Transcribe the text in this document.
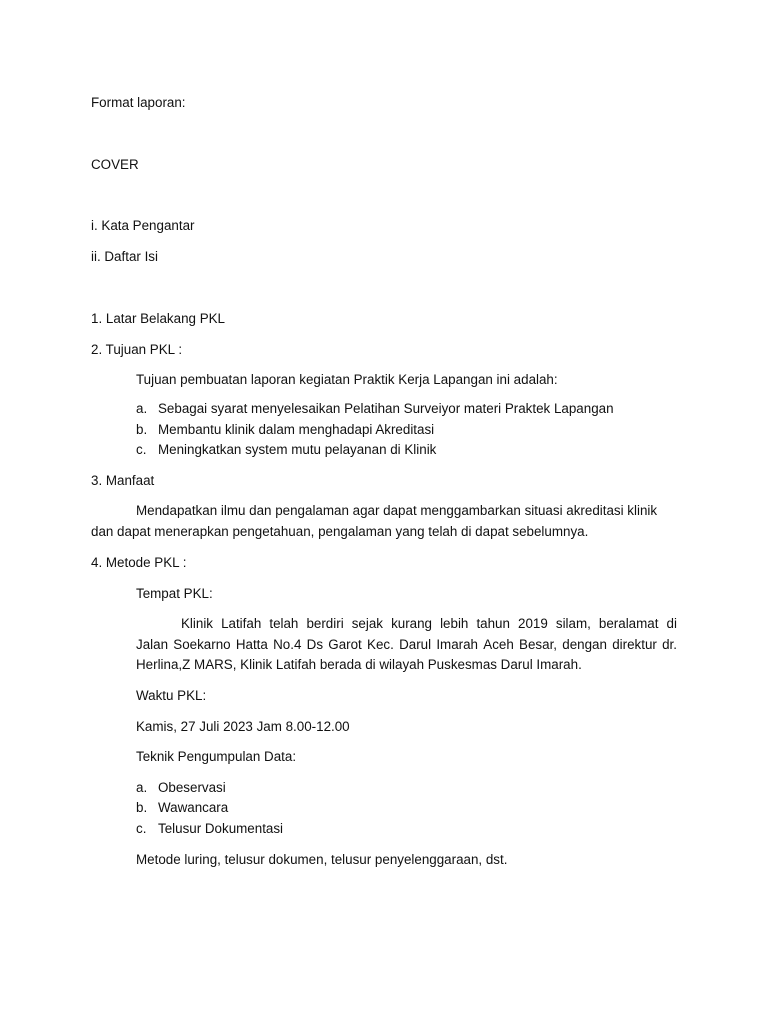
Format laporan:
COVER
i. Kata Pengantar
ii. Daftar Isi
1. Latar Belakang PKL
2. Tujuan PKL :
Tujuan pembuatan laporan kegiatan Praktik Kerja Lapangan ini adalah:
a. Sebagai syarat menyelesaikan Pelatihan Surveiyor materi Praktek Lapangan
b. Membantu klinik dalam menghadapi Akreditasi
c. Meningkatkan system mutu pelayanan di Klinik
3. Manfaat
Mendapatkan ilmu dan pengalaman agar dapat menggambarkan situasi akreditasi klinik
dan dapat menerapkan pengetahuan, pengalaman yang telah di dapat sebelumnya.
4. Metode PKL :
Tempat PKL:
Klinik Latifah telah berdiri sejak kurang lebih tahun 2019 silam, beralamat di
Jalan Soekarno Hatta No.4 Ds Garot Kec. Darul Imarah Aceh Besar, dengan direktur dr.
Herlina,Z MARS, Klinik Latifah berada di wilayah Puskesmas Darul Imarah.
Waktu PKL:
Kamis, 27 Juli 2023 Jam 8.00-12.00
Teknik Pengumpulan Data:
a. Obeservasi
b. Wawancara
c. Telusur Dokumentasi
Metode luring, telusur dokumen, telusur penyelenggaraan, dst.
